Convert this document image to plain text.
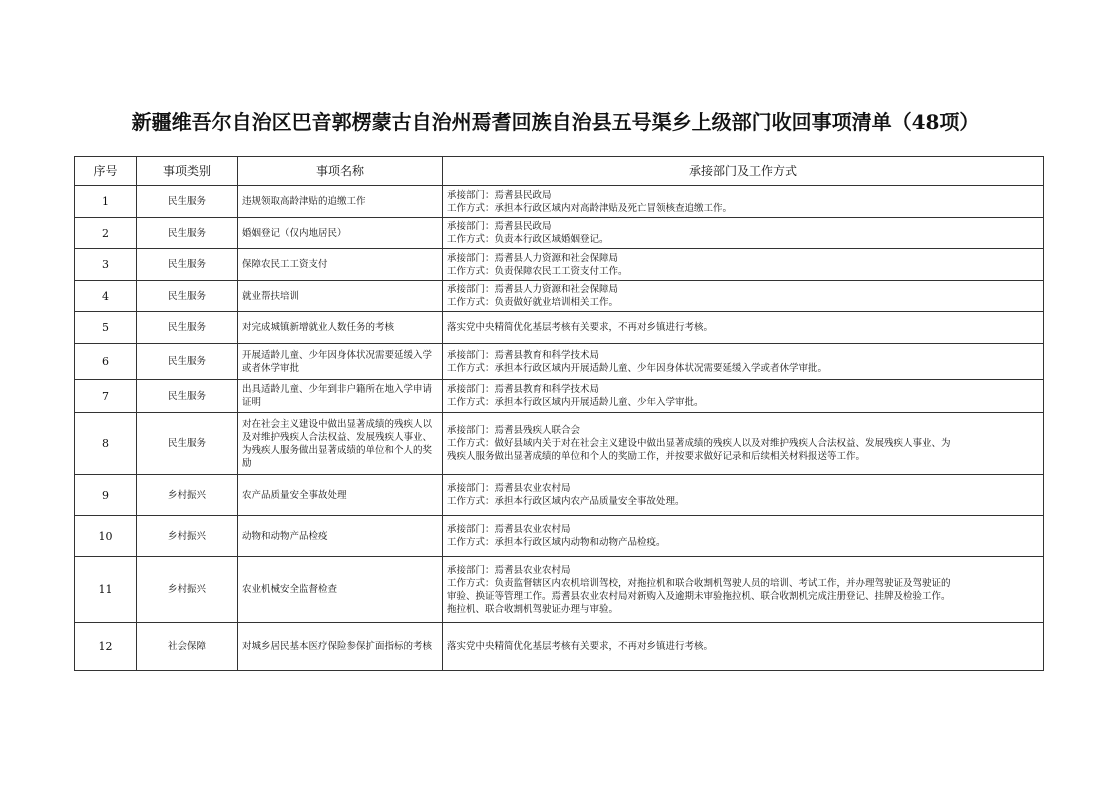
新疆维吾尔自治区巴音郭楞蒙古自治州焉耆回族自治县五号渠乡上级部门收回事项清单（48项）
序号	事项类别	事项名称	承接部门及工作方式
1	民生服务	违规领取高龄津贴的追缴工作	承接部门：焉耆县民政局
工作方式：承担本行政区域内对高龄津贴及死亡冒领核查追缴工作。

2	民生服务	婚姻登记（仅内地居民）	承接部门：焉耆县民政局
工作方式：负责本行政区域婚姻登记。

3	民生服务	保障农民工工资支付	承接部门：焉耆县人力资源和社会保障局
工作方式：负责保障农民工工资支付工作。

4	民生服务	就业帮扶培训	承接部门：焉耆县人力资源和社会保障局
工作方式：负责做好就业培训相关工作。

5	民生服务	对完成城镇新增就业人数任务的考核	落实党中央精简优化基层考核有关要求，不再对乡镇进行考核。

6	民生服务	开展适龄儿童、少年因身体状况需要延缓入学或者休学审批	承接部门：焉耆县教育和科学技术局
工作方式：承担本行政区域内开展适龄儿童、少年因身体状况需要延缓入学或者休学审批。

7	民生服务	出具适龄儿童、少年到非户籍所在地入学申请证明	承接部门：焉耆县教育和科学技术局
工作方式：承担本行政区域内开展适龄儿童、少年入学审批。

8	民生服务	对在社会主义建设中做出显著成绩的残疾人以及对维护残疾人合法权益、发展残疾人事业、为残疾人服务做出显著成绩的单位和个人的奖励	承接部门：焉耆县残疾人联合会
工作方式：做好县域内关于对在社会主义建设中做出显著成绩的残疾人以及对维护残疾人合法权益、发展残疾人事业、为
残疾人服务做出显著成绩的单位和个人的奖励工作，并按要求做好记录和后续相关材料报送等工作。

9	乡村振兴	农产品质量安全事故处理	承接部门：焉耆县农业农村局
工作方式：承担本行政区域内农产品质量安全事故处理。

10	乡村振兴	动物和动物产品检疫	承接部门：焉耆县农业农村局
工作方式：承担本行政区域内动物和动物产品检疫。

11	乡村振兴	农业机械安全监督检查	承接部门：焉耆县农业农村局
工作方式：负责监督辖区内农机培训驾校，对拖拉机和联合收割机驾驶人员的培训、考试工作，并办理驾驶证及驾驶证的
审验、换证等管理工作。焉耆县农业农村局对新购入及逾期未审验拖拉机、联合收割机完成注册登记、挂牌及检验工作。
拖拉机、联合收割机驾驶证办理与审验。

12	社会保障	对城乡居民基本医疗保险参保扩面指标的考核	落实党中央精简优化基层考核有关要求，不再对乡镇进行考核。
